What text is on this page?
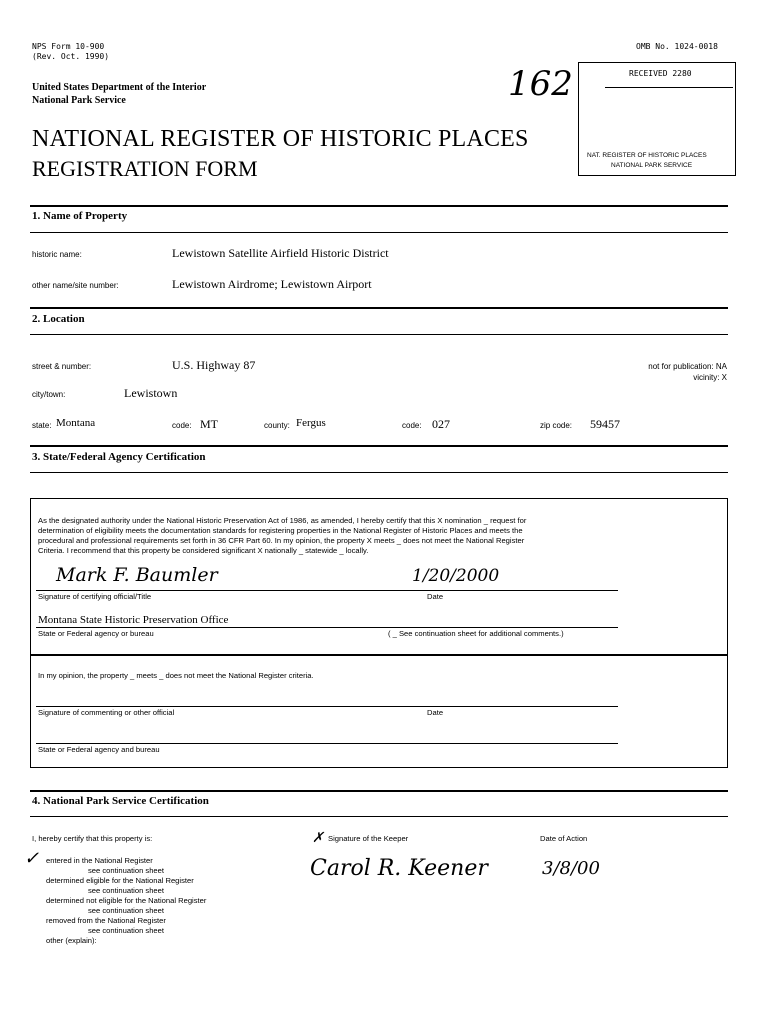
NPS Form 10-900
(Rev. Oct. 1990)
OMB No. 1024-0018
United States Department of the Interior
National Park Service	162
NATIONAL REGISTER OF HISTORIC PLACES
REGISTRATION FORM
RECEIVED 2280
NAT. REGISTER OF HISTORIC PLACES
NATIONAL PARK SERVICE
1. Name of Property
historic name:	Lewistown Satellite Airfield Historic District
other name/site number:	Lewistown Airdrome; Lewistown Airport
2. Location
street & number:	U.S. Highway 87	not for publication: NA
vicinity: X
city/town:	Lewistown
state: Montana	code: MT	county: Fergus	code: 027	zip code: 59457
3. State/Federal Agency Certification
As the designated authority under the National Historic Preservation Act of 1986, as amended, I hereby certify that this X nomination _ request for
determination of eligibility meets the documentation standards for registering properties in the National Register of Historic Places and meets the
procedural and professional requirements set forth in 36 CFR Part 60. In my opinion, the property X meets _ does not meet the National Register
Criteria. I recommend that this property be considered significant X nationally _ statewide _ locally.
Mark F. Baumler	1/20/2000
Signature of certifying official/Title	Date
Montana State Historic Preservation Office
State or Federal agency or bureau	( _ See continuation sheet for additional comments.)
In my opinion, the property _ meets _ does not meet the National Register criteria.
Signature of commenting or other official	Date
State or Federal agency and bureau
4. National Park Service Certification
I, hereby certify that this property is:
✓ entered in the National Register
see continuation sheet
determined eligible for the National Register
see continuation sheet
determined not eligible for the National Register
see continuation sheet
removed from the National Register
see continuation sheet
other (explain):
✗ Signature of the Keeper
Carol R. Keener
Date of Action
3/8/00
